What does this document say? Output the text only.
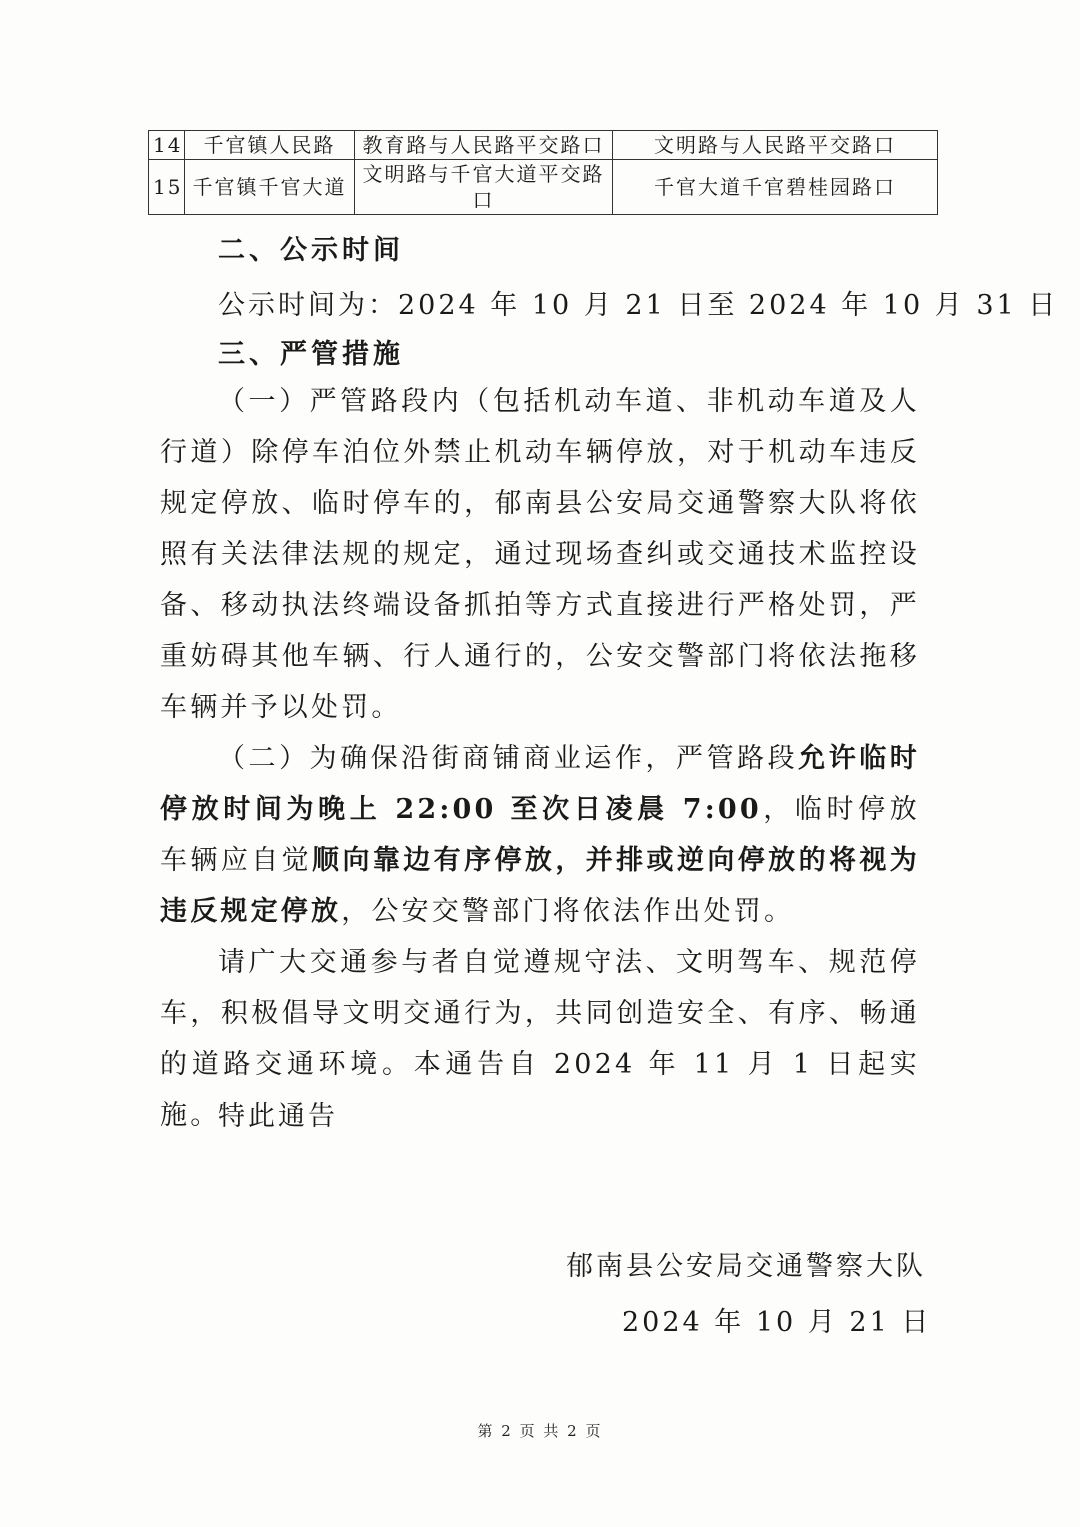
14	千官镇人民路	教育路与人民路平交路口	文明路与人民路平交路口
15	千官镇千官大道	文明路与千官大道平交路口	千官大道千官碧桂园路口
二、公示时间
公示时间为：2024 年 10 月 21 日至 2024 年 10 月 31 日
三、严管措施
（一）严管路段内（包括机动车道、非机动车道及人行道）除停车泊位外禁止机动车辆停放，对于机动车违反规定停放、临时停车的，郁南县公安局交通警察大队将依照有关法律法规的规定，通过现场查纠或交通技术监控设备、移动执法终端设备抓拍等方式直接进行严格处罚，严重妨碍其他车辆、行人通行的，公安交警部门将依法拖移车辆并予以处罚。
（二）为确保沿街商铺商业运作，严管路段允许临时停放时间为晚上 22:00 至次日凌晨 7:00，临时停放车辆应自觉顺向靠边有序停放，并排或逆向停放的将视为违反规定停放，公安交警部门将依法作出处罚。
请广大交通参与者自觉遵规守法、文明驾车、规范停车，积极倡导文明交通行为，共同创造安全、有序、畅通的道路交通环境。本通告自 2024 年 11 月 1 日起实施。
特此通告
郁南县公安局交通警察大队
2024 年 10 月 21 日
第 2 页 共 2 页
